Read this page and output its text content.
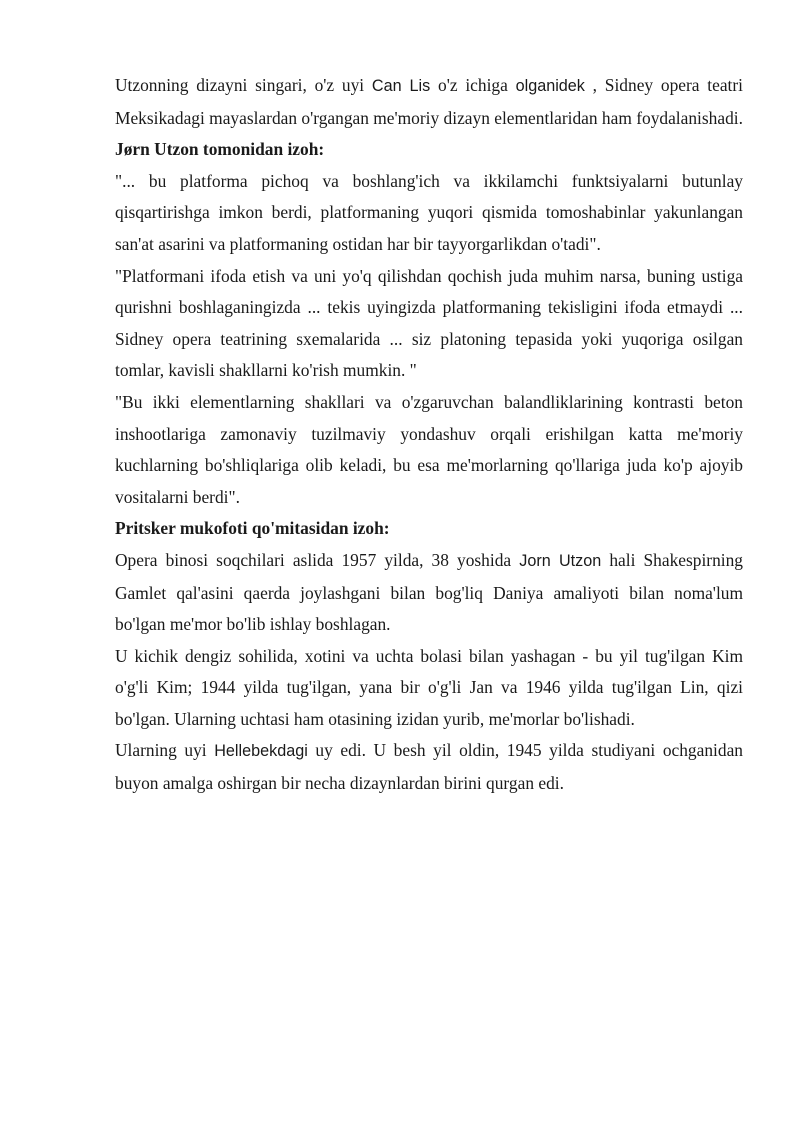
Utzonning dizayni singari, o'z uyi Can Lis o'z ichiga olganidek , Sidney opera teatri Meksikadagi mayaslardan o'rgangan me'moriy dizayn elementlaridan ham foydalanishadi.

Jørn Utzon tomonidan izoh:

"... bu platforma pichoq va boshlang'ich va ikkilamchi funktsiyalarni butunlay qisqartirishga imkon berdi, platformaning yuqori qismida tomoshabinlar yakunlangan san'at asarini va platformaning ostidan har bir tayyorgarlikdan o'tadi".

"Platformani ifoda etish va uni yo'q qilishdan qochish juda muhim narsa, buning ustiga qurishni boshlaganingizda ... tekis uyingizda platformaning tekisligini ifoda etmaydi ... Sidney opera teatrining sxemalarida ... siz platoning tepasida yoki yuqoriga osilgan tomlar, kavisli shakllarni ko'rish mumkin. "

"Bu ikki elementlarning shakllari va o'zgaruvchan balandliklarining kontrasti beton inshootlariga zamonaviy tuzilmaviy yondashuv orqali erishilgan katta me'moriy kuchlarning bo'shliqlariga olib keladi, bu esa me'morlarning qo'llariga juda ko'p ajoyib vositalarni berdi".

Pritsker mukofoti qo'mitasidan izoh:

Opera binosi soqchilari aslida 1957 yilda, 38 yoshida Jorn Utzon hali Shakespirning Gamlet qal'asini qaerda joylashgani bilan bog'liq Daniya amaliyoti bilan noma'lum bo'lgan me'mor bo'lib ishlay boshlagan.

U kichik dengiz sohilida, xotini va uchta bolasi bilan yashagan - bu yil tug'ilgan Kim o'g'li Kim; 1944 yilda tug'ilgan, yana bir o'g'li Jan va 1946 yilda tug'ilgan Lin, qizi bo'lgan. Ularning uchtasi ham otasining izidan yurib, me'morlar bo'lishadi.

Ularning uyi Hellebekdagi uy edi. U besh yil oldin, 1945 yilda studiyani ochganidan buyon amalga oshirgan bir necha dizaynlardan birini qurgan edi.
